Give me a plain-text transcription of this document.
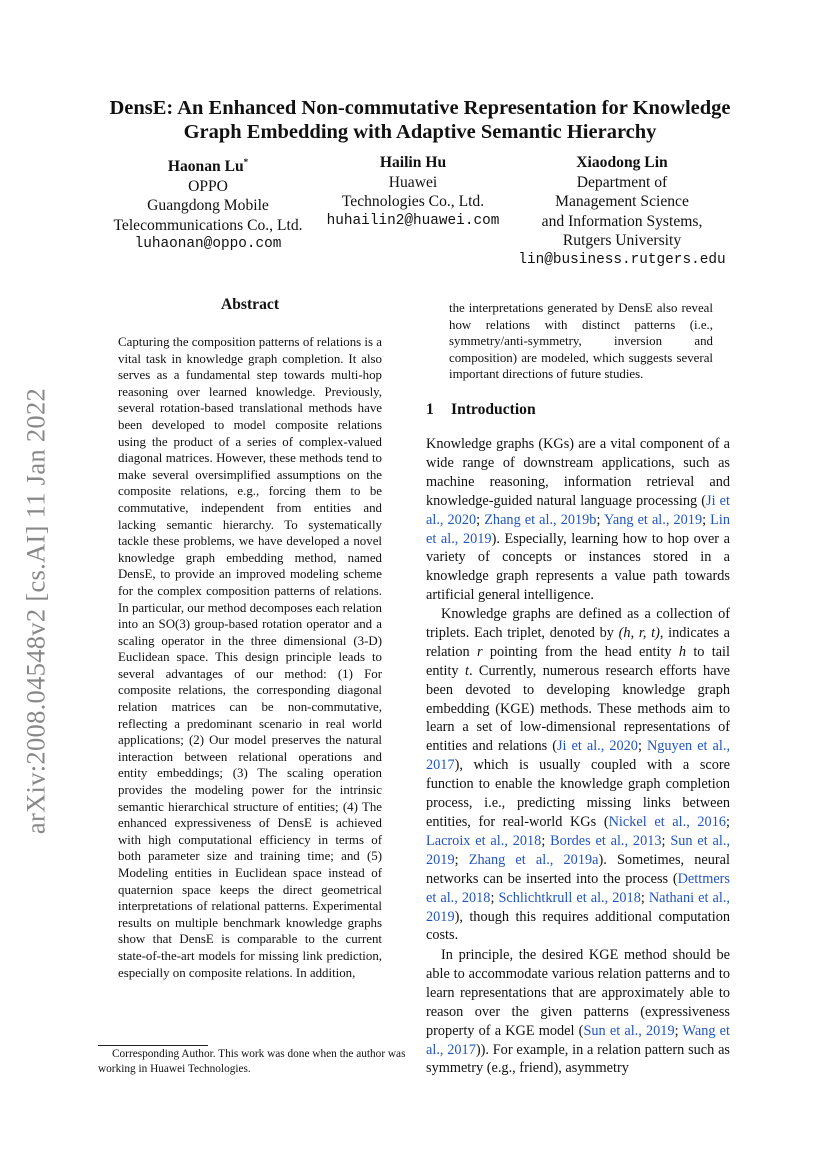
arXiv:2008.04548v2 [cs.AI] 11 Jan 2022
DensE: An Enhanced Non-commutative Representation for Knowledge Graph Embedding with Adaptive Semantic Hierarchy
Haonan Lu*
OPPO
Guangdong Mobile
Telecommunications Co., Ltd.
luhaonan@oppo.com
Hailin Hu
Huawei
Technologies Co., Ltd.
huhailin2@huawei.com
Xiaodong Lin
Department of
Management Science
and Information Systems,
Rutgers University
lin@business.rutgers.edu
Abstract
Capturing the composition patterns of relations is a vital task in knowledge graph completion. It also serves as a fundamental step towards multi-hop reasoning over learned knowledge. Previously, several rotation-based translational methods have been developed to model composite relations using the product of a series of complex-valued diagonal matrices. However, these methods tend to make several oversimplified assumptions on the composite relations, e.g., forcing them to be commutative, independent from entities and lacking semantic hierarchy. To systematically tackle these problems, we have developed a novel knowledge graph embedding method, named DensE, to provide an improved modeling scheme for the complex composition patterns of relations. In particular, our method decomposes each relation into an SO(3) group-based rotation operator and a scaling operator in the three dimensional (3-D) Euclidean space. This design principle leads to several advantages of our method: (1) For composite relations, the corresponding diagonal relation matrices can be non-commutative, reflecting a predominant scenario in real world applications; (2) Our model preserves the natural interaction between relational operations and entity embeddings; (3) The scaling operation provides the modeling power for the intrinsic semantic hierarchical structure of entities; (4) The enhanced expressiveness of DensE is achieved with high computational efficiency in terms of both parameter size and training time; and (5) Modeling entities in Euclidean space instead of quaternion space keeps the direct geometrical interpretations of relational patterns. Experimental results on multiple benchmark knowledge graphs show that DensE is comparable to the current state-of-the-art models for missing link prediction, especially on composite relations. In addition,
the interpretations generated by DensE also reveal how relations with distinct patterns (i.e., symmetry/anti-symmetry, inversion and composition) are modeled, which suggests several important directions of future studies.
1 Introduction
Knowledge graphs (KGs) are a vital component of a wide range of downstream applications, such as machine reasoning, information retrieval and knowledge-guided natural language processing (Ji et al., 2020; Zhang et al., 2019b; Yang et al., 2019; Lin et al., 2019). Especially, learning how to hop over a variety of concepts or instances stored in a knowledge graph represents a value path towards artificial general intelligence.
Knowledge graphs are defined as a collection of triplets. Each triplet, denoted by (h, r, t), indicates a relation r pointing from the head entity h to tail entity t. Currently, numerous research efforts have been devoted to developing knowledge graph embedding (KGE) methods. These methods aim to learn a set of low-dimensional representations of entities and relations (Ji et al., 2020; Nguyen et al., 2017), which is usually coupled with a score function to enable the knowledge graph completion process, i.e., predicting missing links between entities, for real-world KGs (Nickel et al., 2016; Lacroix et al., 2018; Bordes et al., 2013; Sun et al., 2019; Zhang et al., 2019a). Sometimes, neural networks can be inserted into the process (Dettmers et al., 2018; Schlichtkrull et al., 2018; Nathani et al., 2019), though this requires additional computation costs.
In principle, the desired KGE method should be able to accommodate various relation patterns and to learn representations that are approximately able to reason over the given patterns (expressiveness property of a KGE model (Sun et al., 2019; Wang et al., 2017)). For example, in a relation pattern such as symmetry (e.g., friend), asymmetry
Corresponding Author. This work was done when the author was working in Huawei Technologies.
